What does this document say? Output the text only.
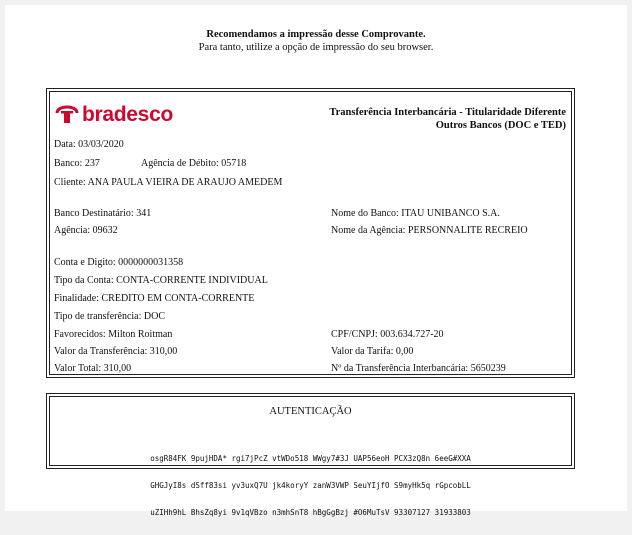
Recomendamos a impressão desse Comprovante.
Para tanto, utilize a opção de impressão do seu browser.
bradesco	Transferência Interbancária - Titularidade Diferente
Outros Bancos (DOC e TED)
Data: 03/03/2020
Banco: 237	Agência de Débito: 05718
Cliente: ANA PAULA VIEIRA DE ARAUJO AMEDEM
Banco Destinatário: 341	Nome do Banco: ITAU UNIBANCO S.A.
Agência: 09632	Nome da Agência: PERSONNALITE RECREIO
Conta e Digito: 0000000031358
Tipo da Conta: CONTA-CORRENTE INDIVIDUAL
Finalidade: CREDITO EM CONTA-CORRENTE
Tipo de transferência: DOC
Favorecidos: Milton Roitman	CPF/CNPJ: 003.634.727-20
Valor da Transferência: 310,00	Valor da Tarifa: 0,00
Valor Total: 310,00	Nº da Transferência Interbancária: 5650239
AUTENTICAÇÃO

osgR84FK 9pujHDA* rgi7jPcZ vtWDo518 WWgy7#3J UAP56eoH PCX3zQ8n 6eeG#XXA

GHGJyI8s dSff83si yv3uxQ7U jk4koryY zanW3VWP SeuYIjfO S9myHk5q rGpcobLL

uZIHh9hL BhsZq8yi 9v1qVBzo n3mhSnT8 hBgGgBzj #O6MuTsV 93307127 31933803
